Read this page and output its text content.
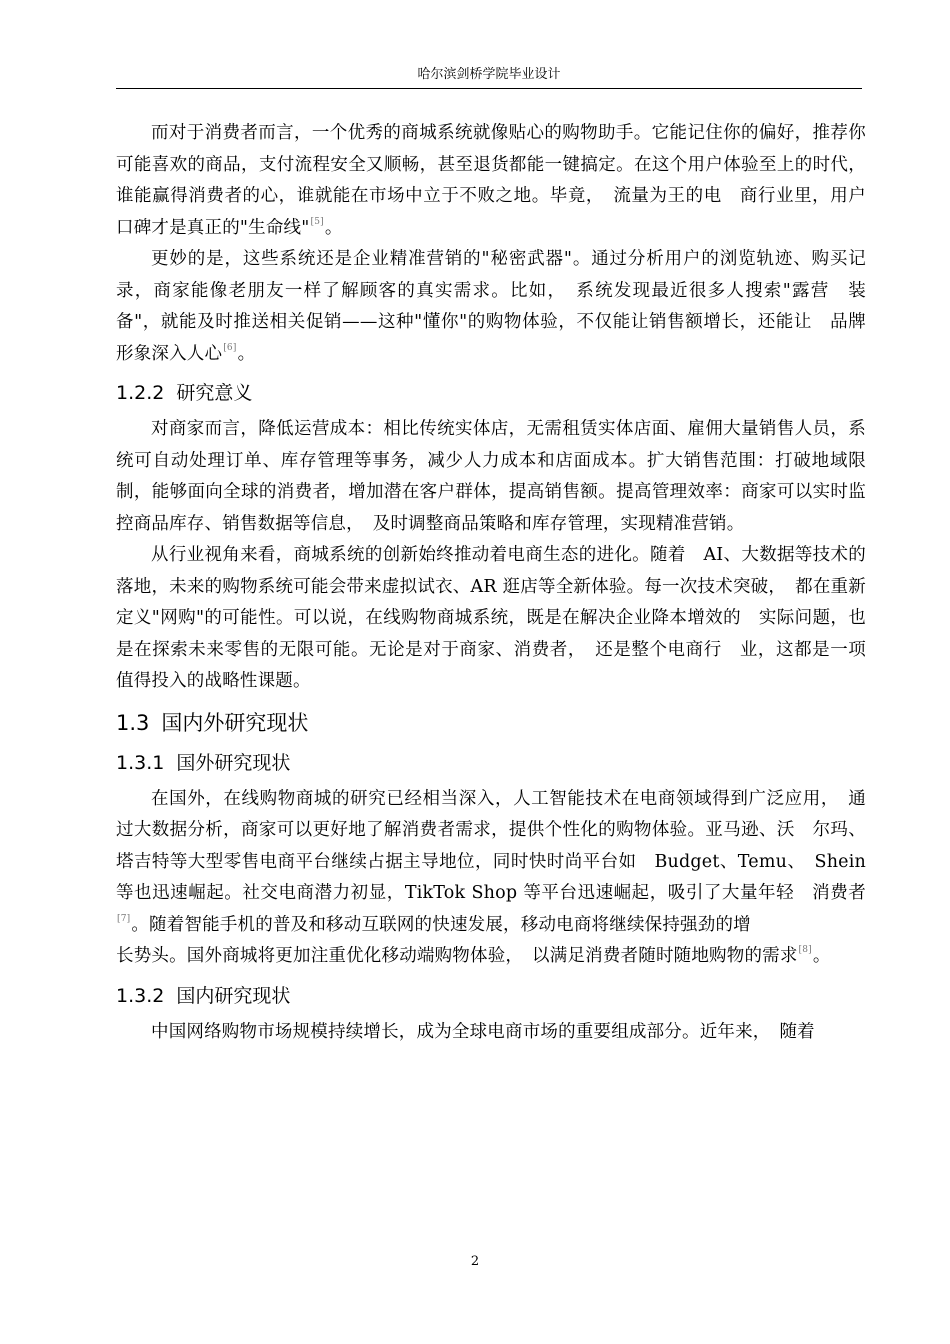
哈尔滨剑桥学院毕业设计

而对于消费者而言，一个优秀的商城系统就像贴心的购物助手。它能记住你的偏好，推荐你可能喜欢的商品，支付流程安全又顺畅，甚至退货都能一键搞定。在这个用户体验至上的时代，谁能赢得消费者的心，谁就能在市场中立于不败之地。毕竟，　流量为王的电　商行业里，用户口碑才是真正的"生命线"[5]。

更妙的是，这些系统还是企业精准营销的"秘密武器"。通过分析用户的浏览轨迹、购买记录，商家能像老朋友一样了解顾客的真实需求。比如，　系统发现最近很多人搜索"露营　装备"，就能及时推送相关促销——这种"懂你"的购物体验，不仅能让销售额增长，还能让　品牌形象深入人心[6]。

1.2.2 研究意义

对商家而言，降低运营成本：相比传统实体店，无需租赁实体店面、雇佣大量销售人员，系统可自动处理订单、库存管理等事务，减少人力成本和店面成本。扩大销售范围：打破地域限制，能够面向全球的消费者，增加潜在客户群体，提高销售额。提高管理效率：商家可以实时监控商品库存、销售数据等信息，　及时调整商品策略和库存管理，实现精准营销。

从行业视角来看，商城系统的创新始终推动着电商生态的进化。随着　AI、大数据等技术的落地，未来的购物系统可能会带来虚拟试衣、AR 逛店等全新体验。每一次技术突破，　都在重新定义"网购"的可能性。可以说，在线购物商城系统，既是在解决企业降本增效的　实际问题，也是在探索未来零售的无限可能。无论是对于商家、消费者，　还是整个电商行　业，这都是一项值得投入的战略性课题。

1.3 国内外研究现状
1.3.1 国外研究现状

在国外，在线购物商城的研究已经相当深入，人工智能技术在电商领域得到广泛应用，　通过大数据分析，商家可以更好地了解消费者需求，提供个性化的购物体验。亚马逊、沃　尔玛、塔吉特等大型零售电商平台继续占据主导地位，同时快时尚平台如　Budget、Temu、　Shein 等也迅速崛起。社交电商潜力初显，TikTok Shop 等平台迅速崛起，吸引了大量年轻　消费者[7]。随着智能手机的普及和移动互联网的快速发展，移动电商将继续保持强劲的增
长势头。国外商城将更加注重优化移动端购物体验，　以满足消费者随时随地购物的需求[8]。

1.3.2 国内研究现状

中国网络购物市场规模持续增长，成为全球电商市场的重要组成部分。近年来，　随着

2
